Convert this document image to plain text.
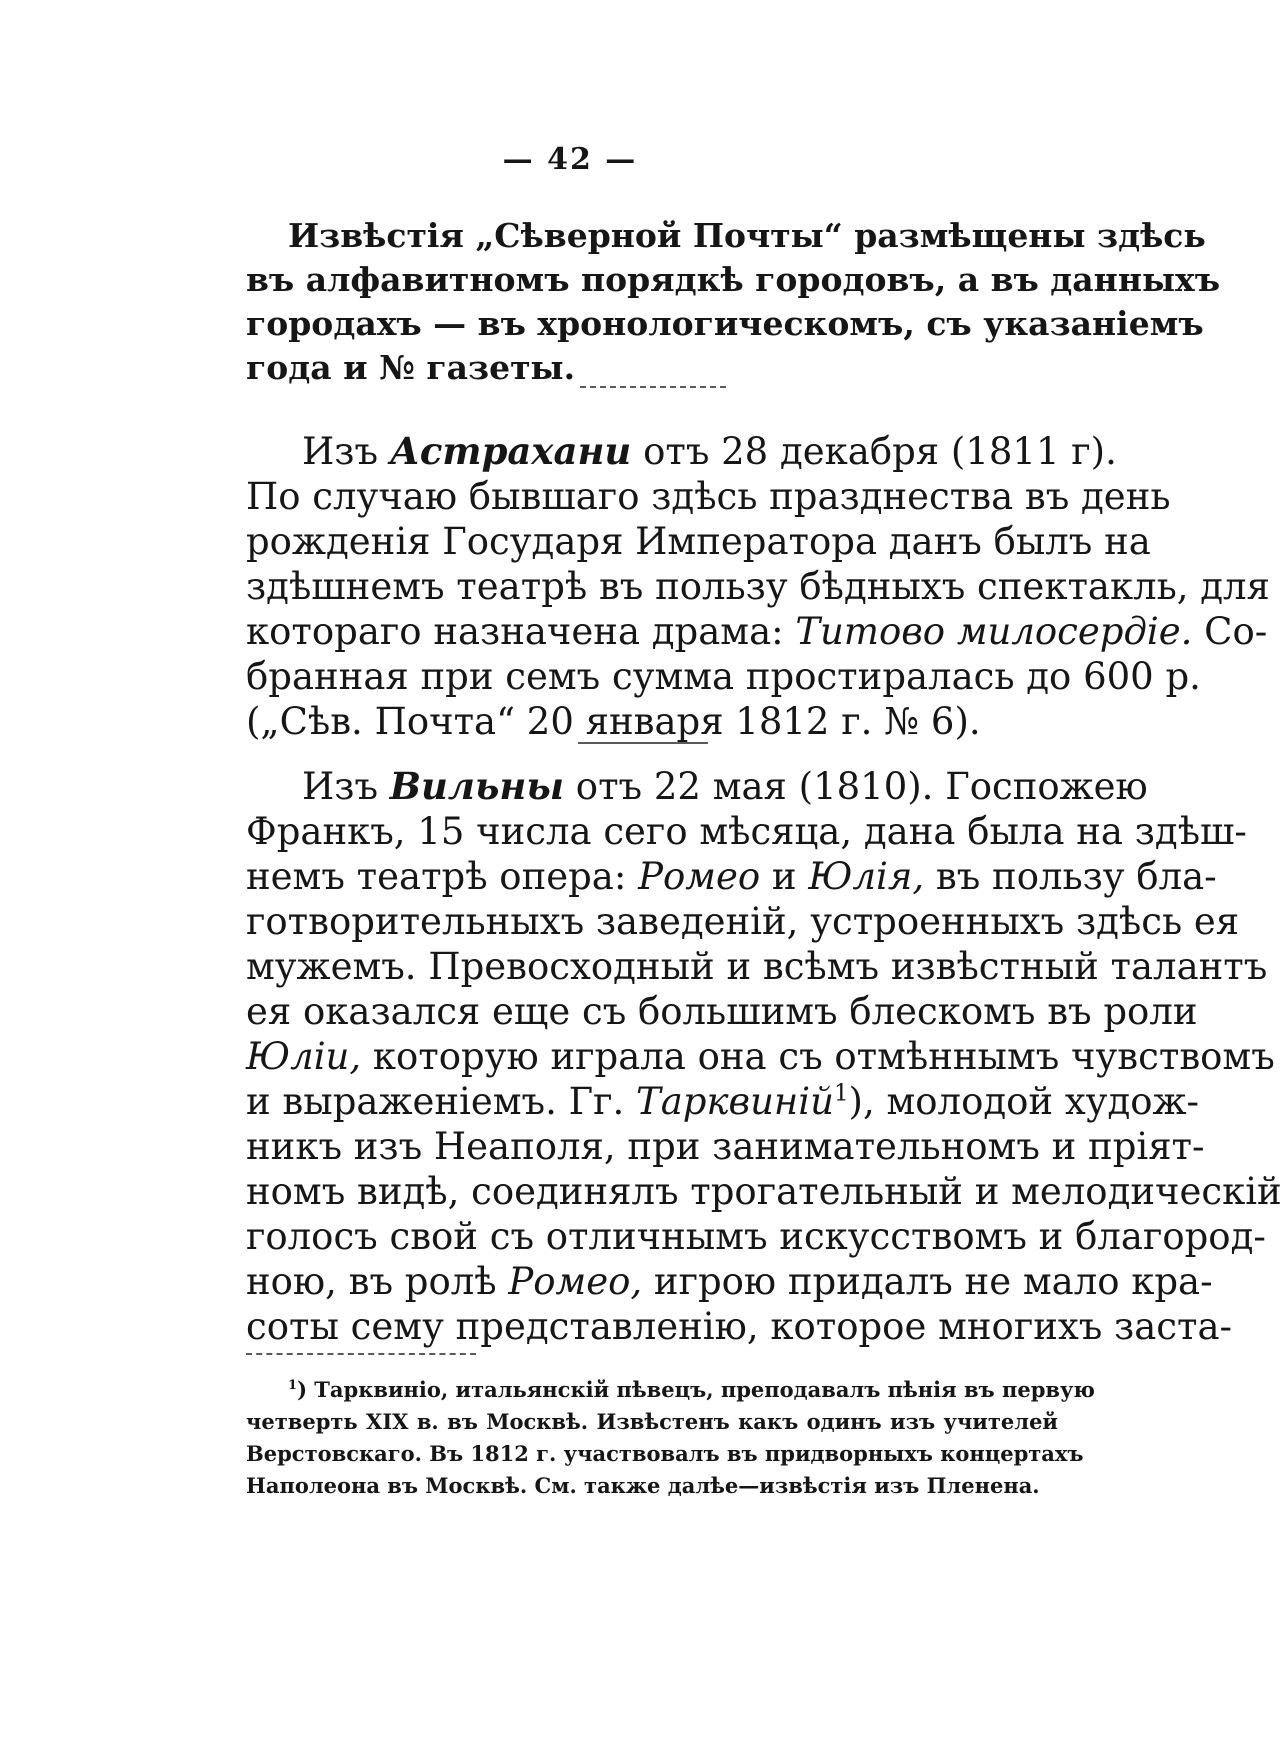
— 42 —
Извѣстія „Сѣверной Почты“ размѣщены здѣсь
въ алфавитномъ порядкѣ городовъ, а въ данныхъ
городахъ — въ хронологическомъ, съ указаніемъ
года и № газеты.
Изъ Астрахани отъ 28 декабря (1811 г).
По случаю бывшаго здѣсь празднества въ день
рожденія Государя Императора данъ былъ на
здѣшнемъ театрѣ въ пользу бѣдныхъ спектакль, для
котораго назначена драма: Титово милосердіе. Со-
бранная при семъ сумма простиралась до 600 р.
(„Сѣв. Почта“ 20 января 1812 г. № 6).
Изъ Вильны отъ 22 мая (1810). Госпожею
Франкъ, 15 числа сего мѣсяца, дана была на здѣш-
немъ театрѣ опера: Ромео и Юлія, въ пользу бла-
готворительныхъ заведеній, устроенныхъ здѣсь ея
мужемъ. Превосходный и всѣмъ извѣстный талантъ
ея оказался еще съ большимъ блескомъ въ роли
Юліи, которую играла она съ отмѣннымъ чувствомъ
и выраженіемъ. Гг. Тарквиній$^1$), молодой худож-
никъ изъ Неаполя, при занимательномъ и пріят-
номъ видѣ, соединялъ трогательный и мелодическій
голосъ свой съ отличнымъ искусствомъ и благород-
ною, въ ролѣ Ромео, игрою придалъ не мало кра-
соты сему представленію, которое многихъ заста-
$^1$) Тарквиніо, итальянскій пѣвецъ, преподавалъ пѣнія въ первую
четверть XIX в. въ Москвѣ. Извѣстенъ какъ одинъ изъ учителей
Верстовскаго. Въ 1812 г. участвовалъ въ придворныхъ концертахъ
Наполеона въ Москвѣ. См. также далѣе—извѣстія изъ Пленена.
